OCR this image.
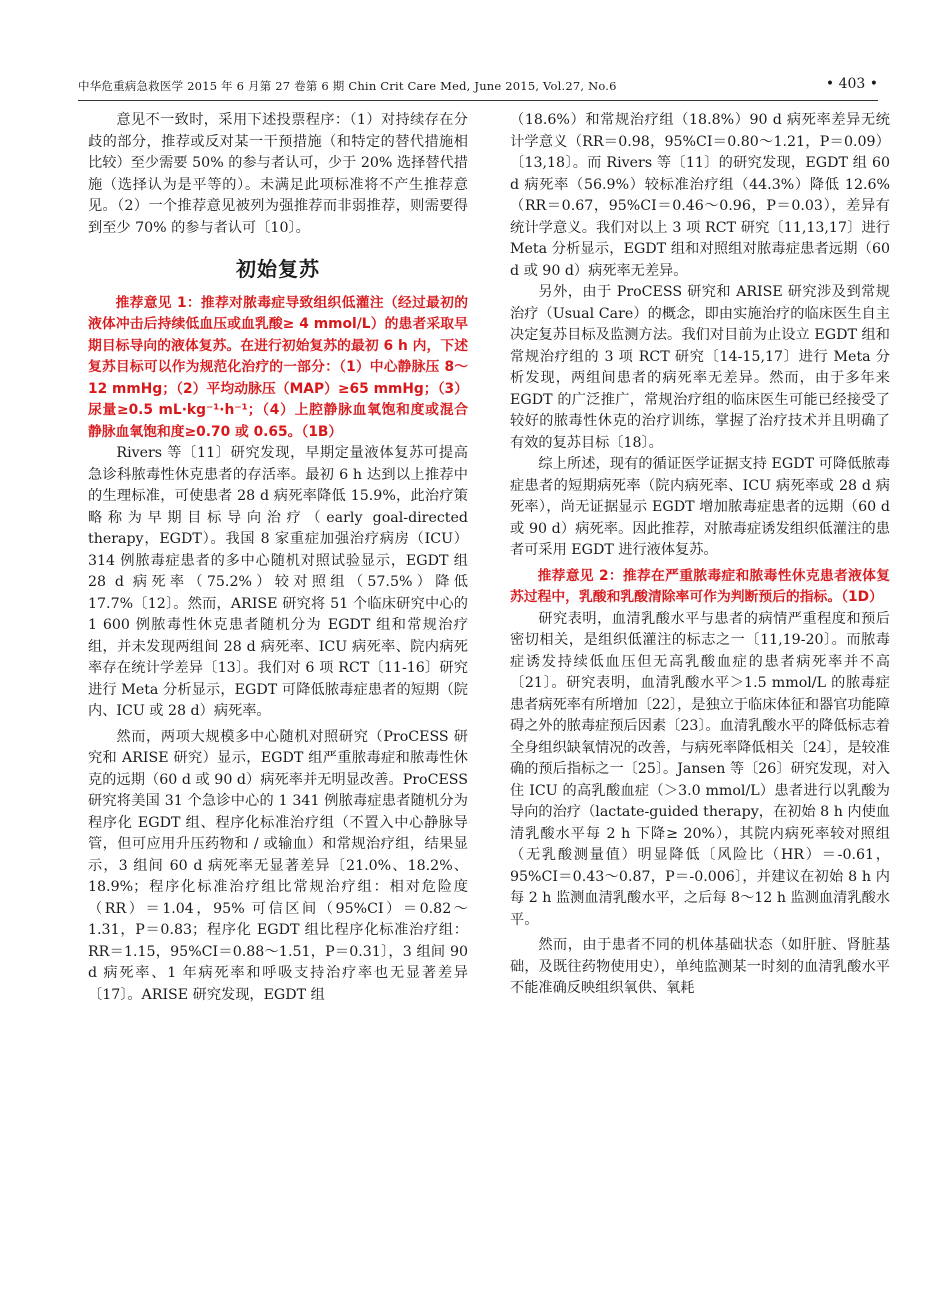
中华危重病急救医学 2015 年 6 月第 27 卷第 6 期 Chin Crit Care Med, June 2015, Vol.27, No.6	• 403 •

意见不一致时，采用下述投票程序：（1）对持续存在分歧的部分，推荐或反对某一干预措施（和特定的替代措施相比较）至少需要 50% 的参与者认可，少于 20% 选择替代措施（选择认为是平等的）。未满足此项标准将不产生推荐意见。（2）一个推荐意见被列为强推荐而非弱推荐，则需要得到至少 70% 的参与者认可〔10〕。

初始复苏

推荐意见 1：推荐对脓毒症导致组织低灌注（经过最初的液体冲击后持续低血压或血乳酸≥ 4 mmol/L）的患者采取早期目标导向的液体复苏。在进行初始复苏的最初 6 h 内，下述复苏目标可以作为规范化治疗的一部分：（1）中心静脉压 8～12 mmHg；（2）平均动脉压（MAP）≥65 mmHg；（3）尿量≥0.5 mL·kg⁻¹·h⁻¹；（4）上腔静脉血氧饱和度或混合静脉血氧饱和度≥0.70 或 0.65。（1B）

Rivers 等〔11〕研究发现，早期定量液体复苏可提高急诊科脓毒性休克患者的存活率。最初 6 h 达到以上推荐中的生理标准，可使患者 28 d 病死率降低 15.9%，此治疗策略称为早期目标导向治疗（early goal-directed therapy，EGDT）。我国 8 家重症加强治疗病房（ICU）314 例脓毒症患者的多中心随机对照试验显示，EGDT 组 28 d 病死率（75.2%）较对照组（57.5%）降低 17.7%〔12〕。然而，ARISE 研究将 51 个临床研究中心的 1 600 例脓毒性休克患者随机分为 EGDT 组和常规治疗组，并未发现两组间 28 d 病死率、ICU 病死率、院内病死率存在统计学差异〔13〕。我们对 6 项 RCT〔11-16〕研究进行 Meta 分析显示，EGDT 可降低脓毒症患者的短期（院内、ICU 或 28 d）病死率。

然而，两项大规模多中心随机对照研究（ProCESS 研究和 ARISE 研究）显示，EGDT 组严重脓毒症和脓毒性休克的远期（60 d 或 90 d）病死率并无明显改善。ProCESS 研究将美国 31 个急诊中心的 1 341 例脓毒症患者随机分为程序化 EGDT 组、程序化标准治疗组（不置入中心静脉导管，但可应用升压药物和 / 或输血）和常规治疗组，结果显示，3 组间 60 d 病死率无显著差异〔21.0%、18.2%、18.9%；程序化标准治疗组比常规治疗组：相对危险度（RR）＝1.04，95% 可信区间（95%CI）＝0.82～1.31，P＝0.83；程序化 EGDT 组比程序化标准治疗组：RR＝1.15，95%CI＝0.88～1.51，P＝0.31〕，3 组间 90 d 病死率、1 年病死率和呼吸支持治疗率也无显著差异〔17〕。ARISE 研究发现，EGDT 组

（18.6%）和常规治疗组（18.8%）90 d 病死率差异无统计学意义（RR＝0.98，95%CI＝0.80～1.21，P＝0.09）〔13,18〕。而 Rivers 等〔11〕的研究发现，EGDT 组 60 d 病死率（56.9%）较标准治疗组（44.3%）降低 12.6%（RR＝0.67，95%CI＝0.46～0.96，P＝0.03），差异有统计学意义。我们对以上 3 项 RCT 研究〔11,13,17〕进行 Meta 分析显示，EGDT 组和对照组对脓毒症患者远期（60 d 或 90 d）病死率无差异。

另外，由于 ProCESS 研究和 ARISE 研究涉及到常规治疗（Usual Care）的概念，即由实施治疗的临床医生自主决定复苏目标及监测方法。我们对目前为止设立 EGDT 组和常规治疗组的 3 项 RCT 研究〔14-15,17〕进行 Meta 分析发现，两组间患者的病死率无差异。然而，由于多年来 EGDT 的广泛推广，常规治疗组的临床医生可能已经接受了较好的脓毒性休克的治疗训练，掌握了治疗技术并且明确了有效的复苏目标〔18〕。

综上所述，现有的循证医学证据支持 EGDT 可降低脓毒症患者的短期病死率（院内病死率、ICU 病死率或 28 d 病死率），尚无证据显示 EGDT 增加脓毒症患者的远期（60 d 或 90 d）病死率。因此推荐，对脓毒症诱发组织低灌注的患者可采用 EGDT 进行液体复苏。

推荐意见 2：推荐在严重脓毒症和脓毒性休克患者液体复苏过程中，乳酸和乳酸清除率可作为判断预后的指标。（1D）

研究表明，血清乳酸水平与患者的病情严重程度和预后密切相关，是组织低灌注的标志之一〔11,19-20〕。而脓毒症诱发持续低血压但无高乳酸血症的患者病死率并不高〔21〕。研究表明，血清乳酸水平＞1.5 mmol/L 的脓毒症患者病死率有所增加〔22〕，是独立于临床体征和器官功能障碍之外的脓毒症预后因素〔23〕。血清乳酸水平的降低标志着全身组织缺氧情况的改善，与病死率降低相关〔24〕，是较准确的预后指标之一〔25〕。Jansen 等〔26〕研究发现，对入住 ICU 的高乳酸血症（＞3.0 mmol/L）患者进行以乳酸为导向的治疗（lactate-guided therapy，在初始 8 h 内使血清乳酸水平每 2 h 下降≥ 20%），其院内病死率较对照组（无乳酸测量值）明显降低〔风险比（HR）＝-0.61，95%CI＝0.43～0.87，P＝-0.006〕，并建议在初始 8 h 内每 2 h 监测血清乳酸水平，之后每 8～12 h 监测血清乳酸水平。

然而，由于患者不同的机体基础状态（如肝脏、肾脏基础，及既往药物使用史），单纯监测某一时刻的血清乳酸水平不能准确反映组织氧供、氧耗
